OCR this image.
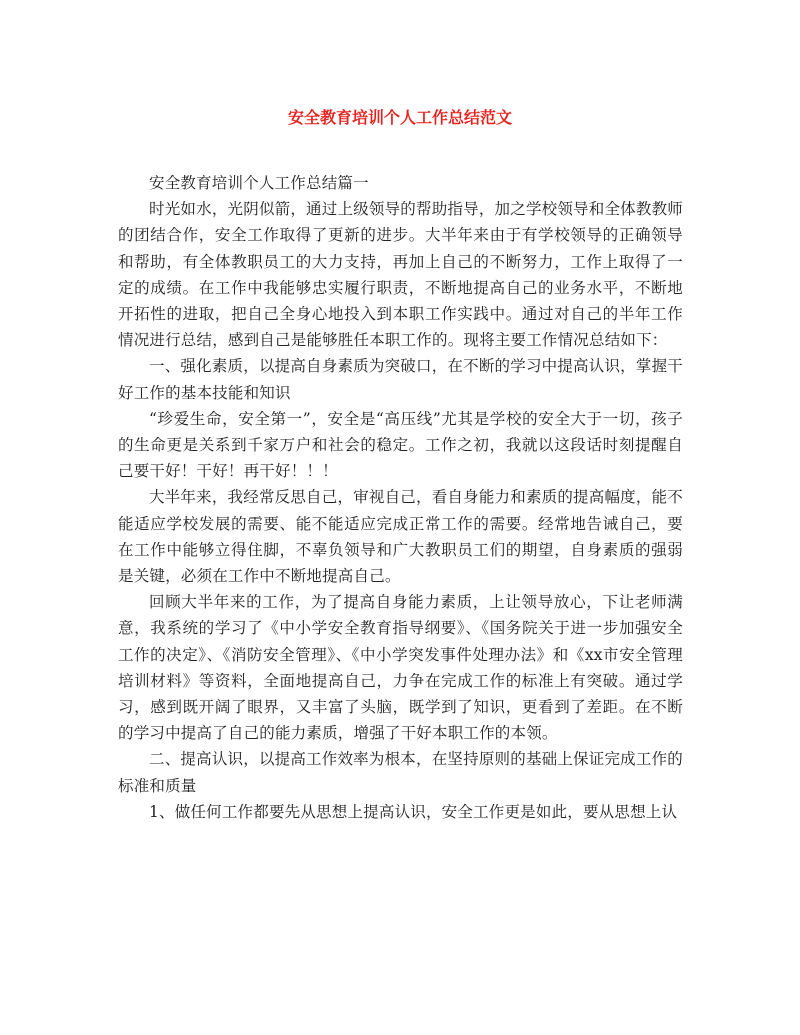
安全教育培训个人工作总结范文

安全教育培训个人工作总结篇一

时光如水，光阴似箭，通过上级领导的帮助指导，加之学校领导和全体教教师的团结合作，安全工作取得了更新的进步。大半年来由于有学校领导的正确领导和帮助，有全体教职员工的大力支持，再加上自己的不断努力，工作上取得了一定的成绩。在工作中我能够忠实履行职责，不断地提高自己的业务水平，不断地开拓性的进取，把自己全身心地投入到本职工作实践中。通过对自己的半年工作情况进行总结，感到自己是能够胜任本职工作的。现将主要工作情况总结如下：

一、强化素质，以提高自身素质为突破口，在不断的学习中提高认识，掌握干好工作的基本技能和知识

“珍爱生命，安全第一”，安全是“高压线”尤其是学校的安全大于一切，孩子的生命更是关系到千家万户和社会的稳定。工作之初，我就以这段话时刻提醒自己要干好！干好！再干好！！！

大半年来，我经常反思自己，审视自己，看自身能力和素质的提高幅度，能不能适应学校发展的需要、能不能适应完成正常工作的需要。经常地告诫自己，要在工作中能够立得住脚，不辜负领导和广大教职员工们的期望，自身素质的强弱是关键，必须在工作中不断地提高自己。

回顾大半年来的工作，为了提高自身能力素质，上让领导放心，下让老师满意，我系统的学习了《中小学安全教育指导纲要》、《国务院关于进一步加强安全工作的决定》、《消防安全管理》、《中小学突发事件处理办法》和《xx市安全管理培训材料》等资料，全面地提高自己，力争在完成工作的标准上有突破。通过学习，感到既开阔了眼界，又丰富了头脑，既学到了知识，更看到了差距。在不断的学习中提高了自己的能力素质，增强了干好本职工作的本领。

二、提高认识，以提高工作效率为根本，在坚持原则的基础上保证完成工作的标准和质量

1、做任何工作都要先从思想上提高认识，安全工作更是如此，要从思想上认
